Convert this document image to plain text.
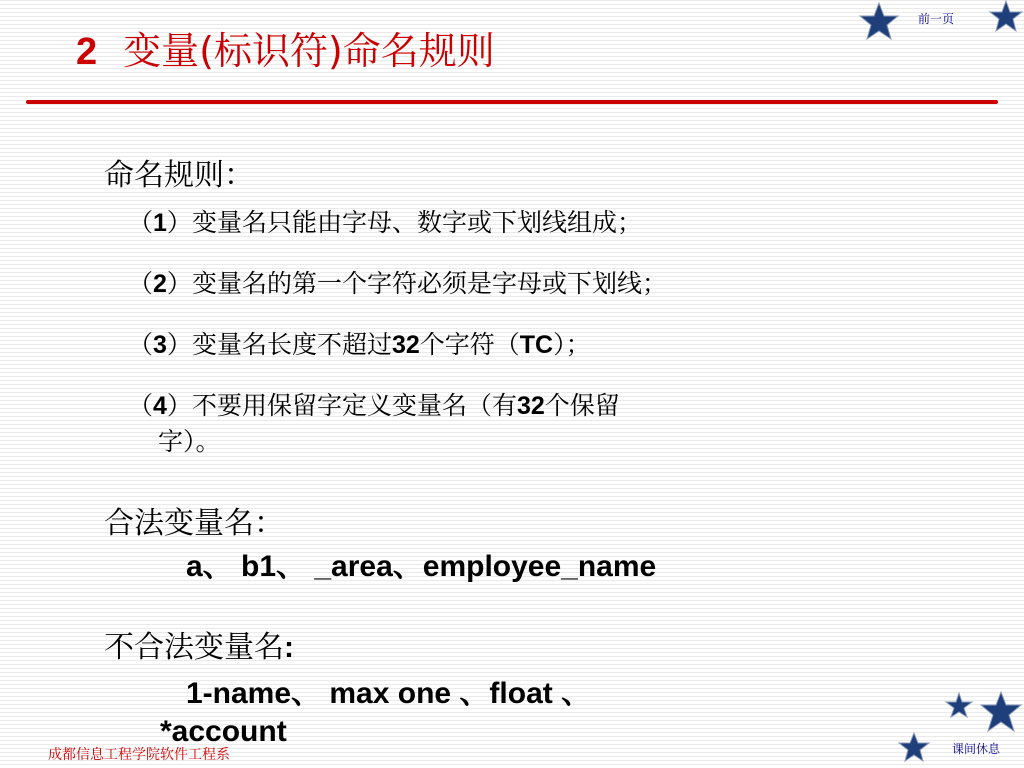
2 变量(标识符)命名规则
前一页
命名规则：

（1）变量名只能由字母、数字或下划线组成；

（2）变量名的第一个字符必须是字母或下划线；

（3）变量名长度不超过32个字符（TC）；

（4）不要用保留字定义变量名（有32个保留

字）。

合法变量名：

a、 b1、 _area、employee_name

不合法变量名:

1-name、 max one 、float 、

*account

课间休息

成都信息工程学院软件工程系
